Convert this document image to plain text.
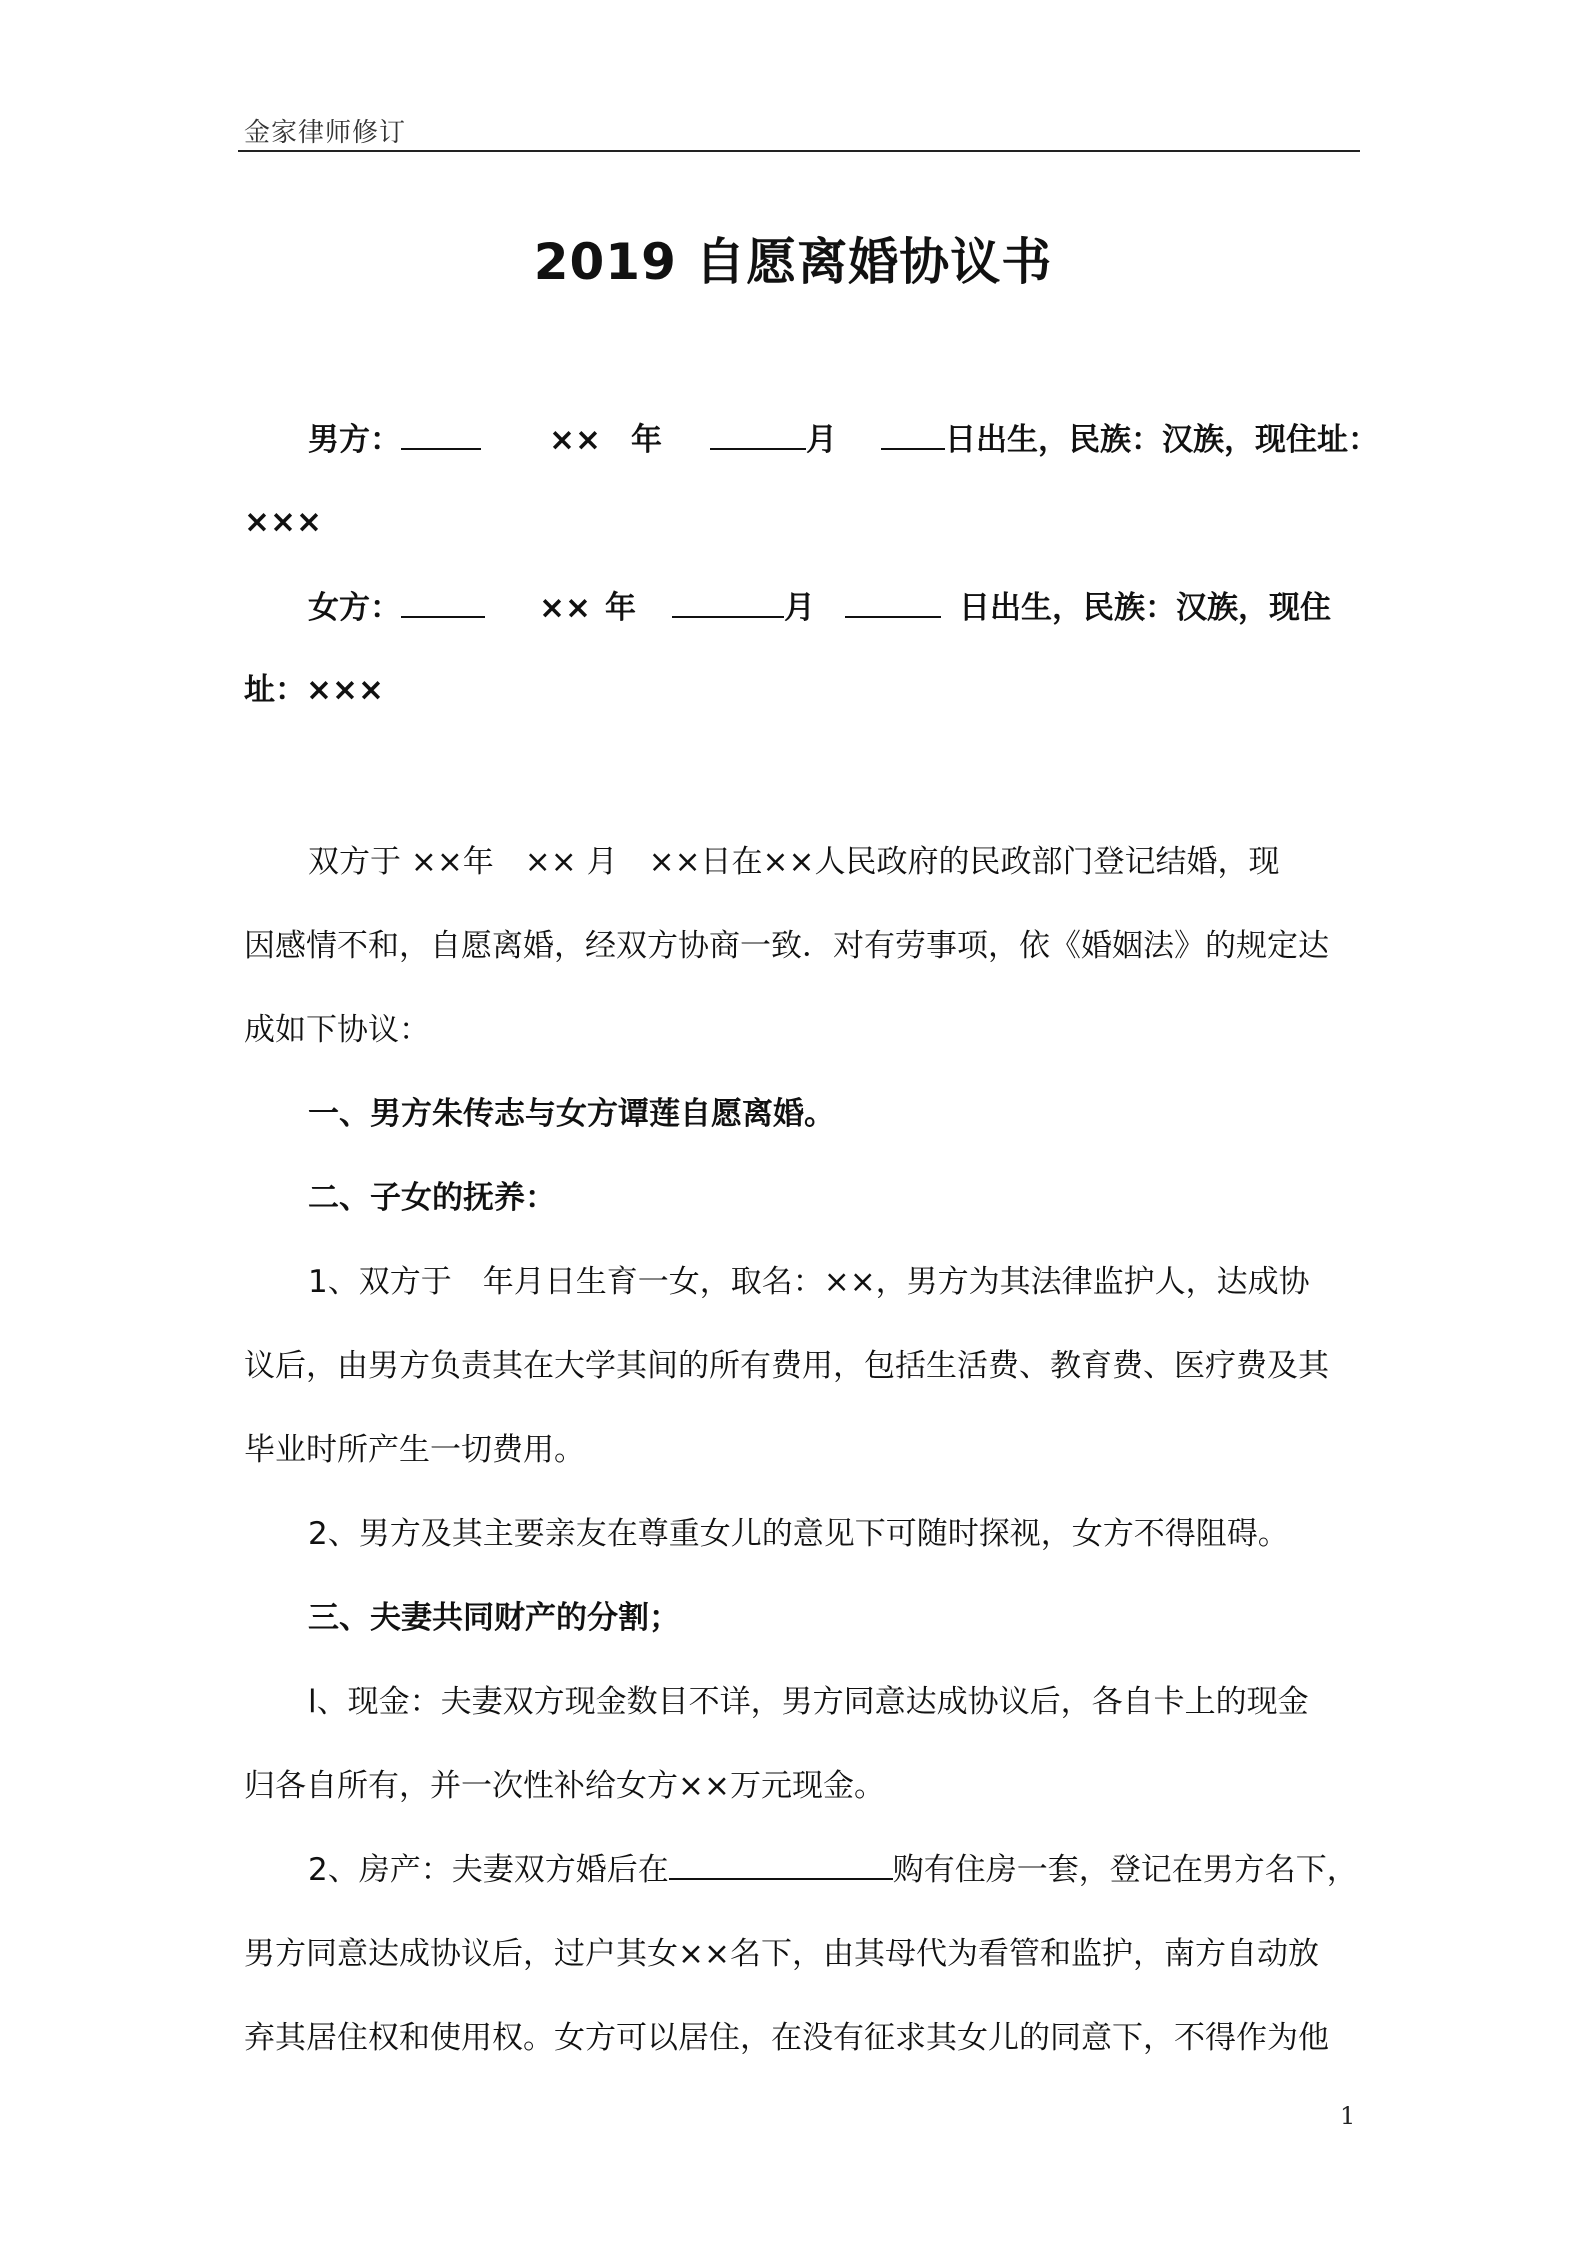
金家律师修订
2019 自愿离婚协议书
男方：	×× 年	月	日出生，民族：汉族，现住址：
×××
女方：	×× 年	月	日出生，民族：汉族，现住
址：×××
双方于 ××年　×× 月　××日在××人民政府的民政部门登记结婚，现
因感情不和，自愿离婚，经双方协商一致．对有劳事项，依《婚姻法》的规定达
成如下协议：
一、男方朱传志与女方谭莲自愿离婚。
二、子女的抚养：
1、双方于　年月日生育一女，取名：××，男方为其法律监护人，达成协
议后，由男方负责其在大学其间的所有费用，包括生活费、教育费、医疗费及其
毕业时所产生一切费用。
2、男方及其主要亲友在尊重女儿的意见下可随时探视，女方不得阻碍。
三、夫妻共同财产的分割；
l、现金：夫妻双方现金数目不详，男方同意达成协议后，各自卡上的现金
归各自所有，并一次性补给女方××万元现金。
2、房产：夫妻双方婚后在	购有住房一套，登记在男方名下，
男方同意达成协议后，过户其女××名下，由其母代为看管和监护，南方自动放
弃其居住权和使用权。女方可以居住，在没有征求其女儿的同意下，不得作为他
1
